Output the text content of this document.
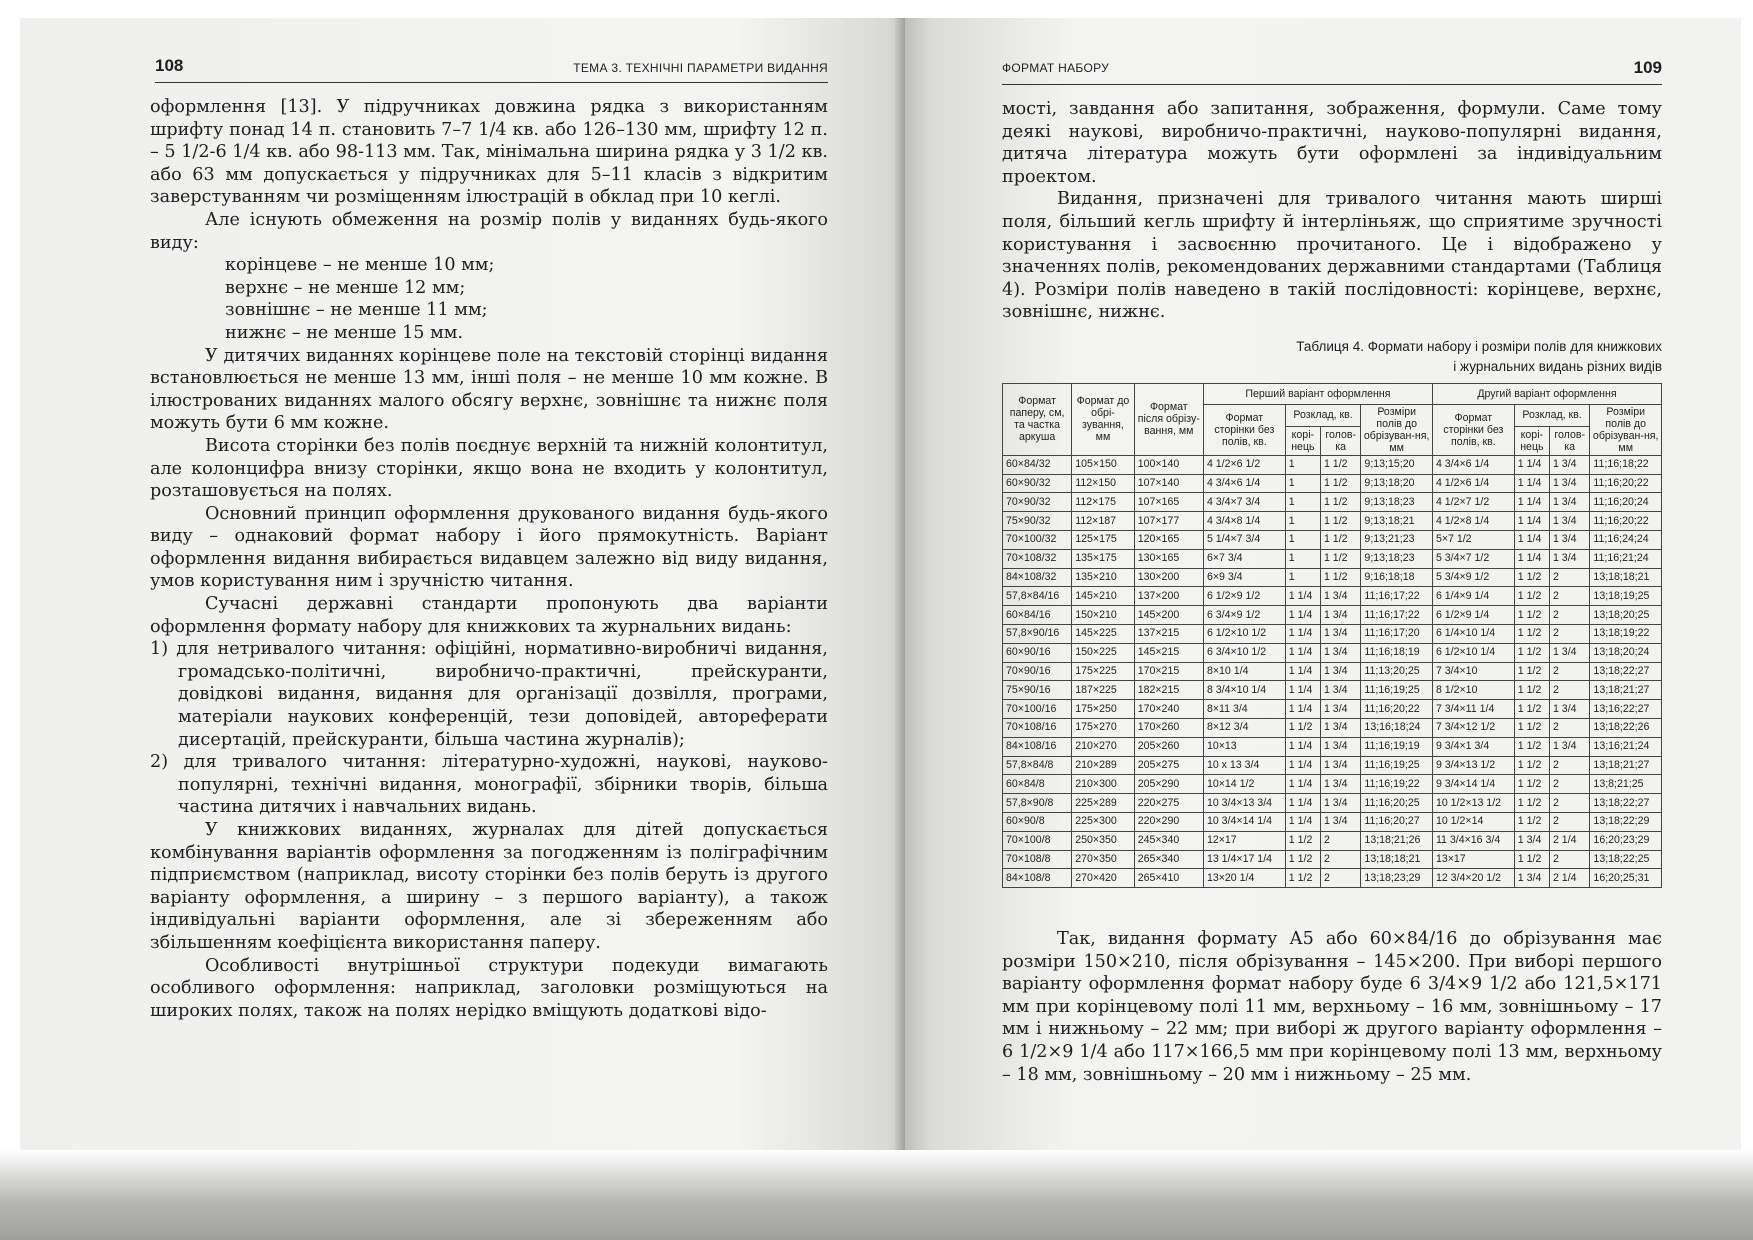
108	ТЕМА 3. ТЕХНІЧНІ ПАРАМЕТРИ ВИДАННЯ

оформлення [13]. У підручниках довжина рядка з використанням шрифту понад 14 п. становить 7–7 1/4 кв. або 126–130 мм, шрифту 12 п. – 5 1/2-6 1/4 кв. або 98-113 мм. Так, мінімальна ширина рядка у 3 1/2 кв. або 63 мм допускається у підручниках для 5–11 класів з відкритим заверстуванням чи розміщенням ілюстрацій в обклад при 10 кеглі.

Але існують обмеження на розмір полів у виданнях будь-якого виду:

корінцеве – не менше 10 мм;
верхнє – не менше 12 мм;
зовнішнє – не менше 11 мм;
нижнє – не менше 15 мм.

У дитячих виданнях корінцеве поле на текстовій сторінці видання встановлюється не менше 13 мм, інші поля – не менше 10 мм кожне. В ілюстрованих виданнях малого обсягу верхнє, зовнішнє та нижнє поля можуть бути 6 мм кожне.

Висота сторінки без полів поєднує верхній та нижній колонтитул, але колонцифра внизу сторінки, якщо вона не входить у колонтитул, розташовується на полях.

Основний принцип оформлення друкованого видання будь-якого виду – однаковий формат набору і його прямокутність. Варіант оформлення видання вибирається видавцем залежно від виду видання, умов користування ним і зручністю читання.

Сучасні державні стандарти пропонують два варіанти оформлення формату набору для книжкових та журнальних видань:

1) для нетривалого читання: офіційні, нормативно-виробничі видання, громадсько-політичні, виробничо-практичні, прейскуранти, довідкові видання, видання для організації дозвілля, програми, матеріали наукових конференцій, тези доповідей, автореферати дисертацій, прейскуранти, більша частина журналів);

2) для тривалого читання: літературно-художні, наукові, науково-популярні, технічні видання, монографії, збірники творів, більша частина дитячих і навчальних видань.

У книжкових виданнях, журналах для дітей допускається комбінування варіантів оформлення за погодженням із поліграфічним підприємством (наприклад, висоту сторінки без полів беруть із другого варіанту оформлення, а ширину – з першого варіанту), а також індивідуальні варіанти оформлення, але зі збереженням або збільшенням коефіцієнта використання паперу.

Особливості внутрішньої структури подекуди вимагають особливого оформлення: наприклад, заголовки розміщуються на широких полях, також на полях нерідко вміщують додаткові відо-

ФОРМАТ НАБОРУ	109

мості, завдання або запитання, зображення, формули. Саме тому деякі наукові, виробничо-практичні, науково-популярні видання, дитяча література можуть бути оформлені за індивідуальним проектом.

Видання, призначені для тривалого читання мають ширші поля, більший кегль шрифту й інтерліньяж, що сприятиме зручності користування і засвоєнню прочитаного. Це і відображено у значеннях полів, рекомендованих державними стандартами (Таблиця 4). Розміри полів наведено в такій послідовності: корінцеве, верхнє, зовнішнє, нижнє.

Таблиця 4. Формати набору і розміри полів для книжкових
і журнальних видань різних видів
Формат паперу, см, та частка аркуша	Формат до обрі-зування, мм	Формат після обрізу-вання, мм	Перший варіант оформлення				Другий варіант оформлення			
			Формат сторінки без полів, кв.	Розклад, кв.		Розміри полів до обрізуван-ня, мм	Формат сторінки без полів, кв.	Розклад, кв.		Розміри полів до обрізуван-ня, мм
				корі-нець	голов-ка			корі-нець	голов-ка	
60×84/32	105×150	100×140	4 1/2×6 1/2	1	1 1/2	9;13;15;20	4 3/4×6 1/4	1 1/4	1 3/4	11;16;18;22
60×90/32	112×150	107×140	4 3/4×6 1/4	1	1 1/2	9;13;18;20	4 1/2×6 1/4	1 1/4	1 3/4	11;16;20;22
70×90/32	112×175	107×165	4 3/4×7 3/4	1	1 1/2	9;13;18;23	4 1/2×7 1/2	1 1/4	1 3/4	11;16;20;24
75×90/32	112×187	107×177	4 3/4×8 1/4	1	1 1/2	9;13;18;21	4 1/2×8 1/4	1 1/4	1 3/4	11;16;20;22
70×100/32	125×175	120×165	5 1/4×7 3/4	1	1 1/2	9;13;21;23	5×7 1/2	1 1/4	1 3/4	11;16;24;24
70×108/32	135×175	130×165	6×7 3/4	1	1 1/2	9;13;18;23	5 3/4×7 1/2	1 1/4	1 3/4	11;16;21;24
84×108/32	135×210	130×200	6×9 3/4	1	1 1/2	9;16;18;18	5 3/4×9 1/2	1 1/2	2	13;18;18;21
57,8×84/16	145×210	137×200	6 1/2×9 1/2	1 1/4	1 3/4	11;16;17;22	6 1/4×9 1/4	1 1/2	2	13;18;19;25
60×84/16	150×210	145×200	6 3/4×9 1/2	1 1/4	1 3/4	11;16;17;22	6 1/2×9 1/4	1 1/2	2	13;18;20;25
57,8×90/16	145×225	137×215	6 1/2×10 1/2	1 1/4	1 3/4	11;16;17;20	6 1/4×10 1/4	1 1/2	2	13;18;19;22
60×90/16	150×225	145×215	6 3/4×10 1/2	1 1/4	1 3/4	11;16;18;19	6 1/2×10 1/4	1 1/2	1 3/4	13;18;20;24
70×90/16	175×225	170×215	8×10 1/4	1 1/4	1 3/4	11;13;20;25	7 3/4×10	1 1/2	2	13;18;22;27
75×90/16	187×225	182×215	8 3/4×10 1/4	1 1/4	1 3/4	11;16;19;25	8 1/2×10	1 1/2	2	13;18;21;27
70×100/16	175×250	170×240	8×11 3/4	1 1/4	1 3/4	11;16;20;22	7 3/4×11 1/4	1 1/2	1 3/4	13;16;22;27
70×108/16	175×270	170×260	8×12 3/4	1 1/2	1 3/4	13;16;18;24	7 3/4×12 1/2	1 1/2	2	13;18;22;26
84×108/16	210×270	205×260	10×13	1 1/4	1 3/4	11;16;19;19	9 3/4×1 3/4	1 1/2	1 3/4	13;16;21;24
57,8×84/8	210×289	205×275	10 x 13 3/4	1 1/4	1 3/4	11;16;19;25	9 3/4×13 1/2	1 1/2	2	13;18;21;27
60×84/8	210×300	205×290	10×14 1/2	1 1/4	1 3/4	11;16;19;22	9 3/4×14 1/4	1 1/2	2	13;8;21;25
57,8×90/8	225×289	220×275	10 3/4×13 3/4	1 1/4	1 3/4	11;16;20;25	10 1/2×13 1/2	1 1/2	2	13;18;22;27
60×90/8	225×300	220×290	10 3/4×14 1/4	1 1/4	1 3/4	11;16;20;27	10 1/2×14	1 1/2	2	13;18;22;29
70×100/8	250×350	245×340	12×17	1 1/2	2	13;18;21;26	11 3/4×16 3/4	1 3/4	2 1/4	16;20;23;29
70×108/8	270×350	265×340	13 1/4×17 1/4	1 1/2	2	13;18;18;21	13×17	1 1/2	2	13;18;22;25
84×108/8	270×420	265×410	13×20 1/4	1 1/2	2	13;18;23;29	12 3/4×20 1/2	1 3/4	2 1/4	16;20;25;31

Так, видання формату А5 або 60×84/16 до обрізування має розміри 150×210, після обрізування – 145×200. При виборі першого варіанту оформлення формат набору буде 6 3/4×9 1/2 або 121,5×171 мм при корінцевому полі 11 мм, верхньому – 16 мм, зовнішньому – 17 мм і нижньому – 22 мм; при виборі ж другого варіанту оформлення – 6 1/2×9 1/4 або 117×166,5 мм при корінцевому полі 13 мм, верхньому – 18 мм, зовнішньому – 20 мм і нижньому – 25 мм.
